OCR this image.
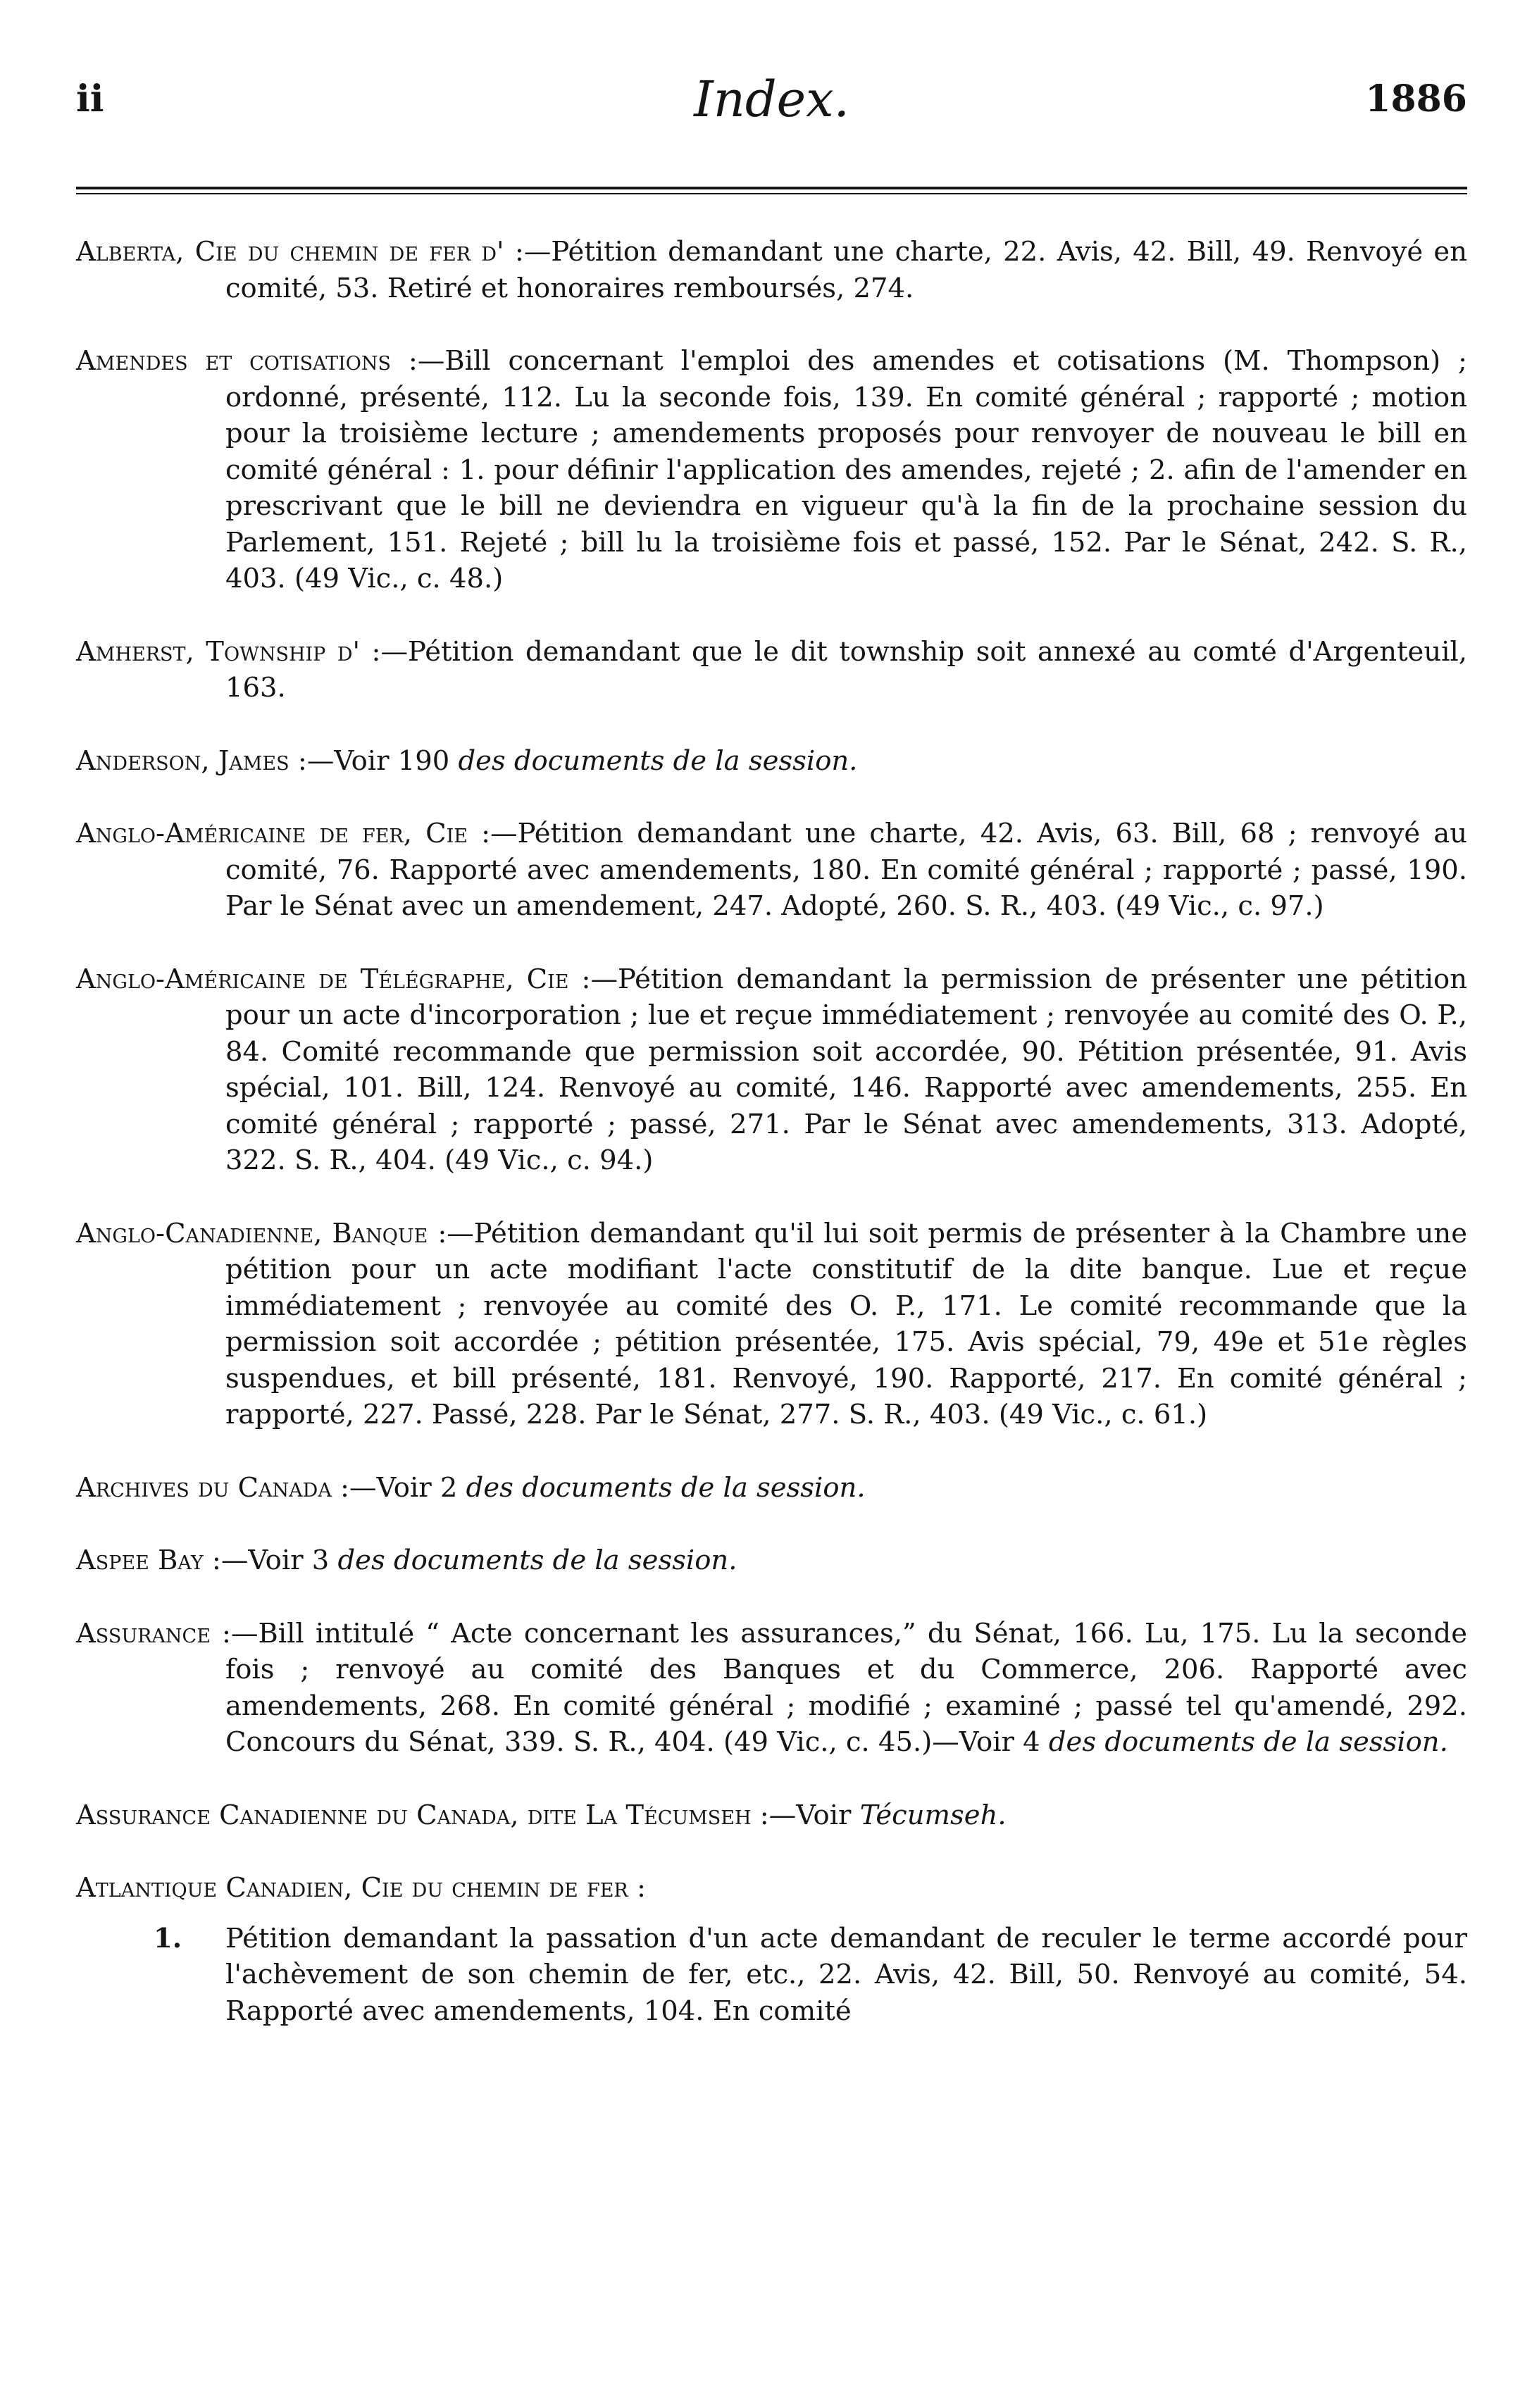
ii	Index.	1886

Alberta, Cie du chemin de fer d' :—Pétition demandant une charte, 22. Avis, 42. Bill, 49. Renvoyé en comité, 53. Retiré et honoraires remboursés, 274.

Amendes et cotisations :—Bill concernant l'emploi des amendes et cotisations (M. Thompson) ; ordonné, présenté, 112. Lu la seconde fois, 139. En comité général ; rapporté ; motion pour la troisième lecture ; amendements proposés pour renvoyer de nouveau le bill en comité général : 1. pour définir l'application des amendes, rejeté ; 2. afin de l'amender en prescrivant que le bill ne deviendra en vigueur qu'à la fin de la prochaine session du Parlement, 151. Rejeté ; bill lu la troisième fois et passé, 152. Par le Sénat, 242. S. R., 403. (49 Vic., c. 48.)

Amherst, Township d' :—Pétition demandant que le dit township soit annexé au comté d'Argenteuil, 163.

Anderson, James :—Voir 190 des documents de la session.

Anglo-Américaine de fer, Cie :—Pétition demandant une charte, 42. Avis, 63. Bill, 68 ; renvoyé au comité, 76. Rapporté avec amendements, 180. En comité général ; rapporté ; passé, 190. Par le Sénat avec un amendement, 247. Adopté, 260. S. R., 403. (49 Vic., c. 97.)

Anglo-Américaine de Télégraphe, Cie :—Pétition demandant la permission de présenter une pétition pour un acte d'incorporation ; lue et reçue immédiatement ; renvoyée au comité des O. P., 84. Comité recommande que permission soit accordée, 90. Pétition présentée, 91. Avis spécial, 101. Bill, 124. Renvoyé au comité, 146. Rapporté avec amendements, 255. En comité général ; rapporté ; passé, 271. Par le Sénat avec amendements, 313. Adopté, 322. S. R., 404. (49 Vic., c. 94.)

Anglo-Canadienne, Banque :—Pétition demandant qu'il lui soit permis de présenter à la Chambre une pétition pour un acte modifiant l'acte constitutif de la dite banque. Lue et reçue immédiatement ; renvoyée au comité des O. P., 171. Le comité recommande que la permission soit accordée ; pétition présentée, 175. Avis spécial, 79, 49e et 51e règles suspendues, et bill présenté, 181. Renvoyé, 190. Rapporté, 217. En comité général ; rapporté, 227. Passé, 228. Par le Sénat, 277. S. R., 403. (49 Vic., c. 61.)

Archives du Canada :—Voir 2 des documents de la session.

Aspee Bay :—Voir 3 des documents de la session.

Assurance :—Bill intitulé “ Acte concernant les assurances,” du Sénat, 166. Lu, 175. Lu la seconde fois ; renvoyé au comité des Banques et du Commerce, 206. Rapporté avec amendements, 268. En comité général ; modifié ; examiné ; passé tel qu'amendé, 292. Concours du Sénat, 339. S. R., 404. (49 Vic., c. 45.)—Voir 4 des documents de la session.

Assurance Canadienne du Canada, dite La Técumseh :—Voir Técumseh.

Atlantique Canadien, Cie du chemin de fer :

1. Pétition demandant la passation d'un acte demandant de reculer le terme accordé pour l'achèvement de son chemin de fer, etc., 22. Avis, 42. Bill, 50. Renvoyé au comité, 54. Rapporté avec amendements, 104. En comité
